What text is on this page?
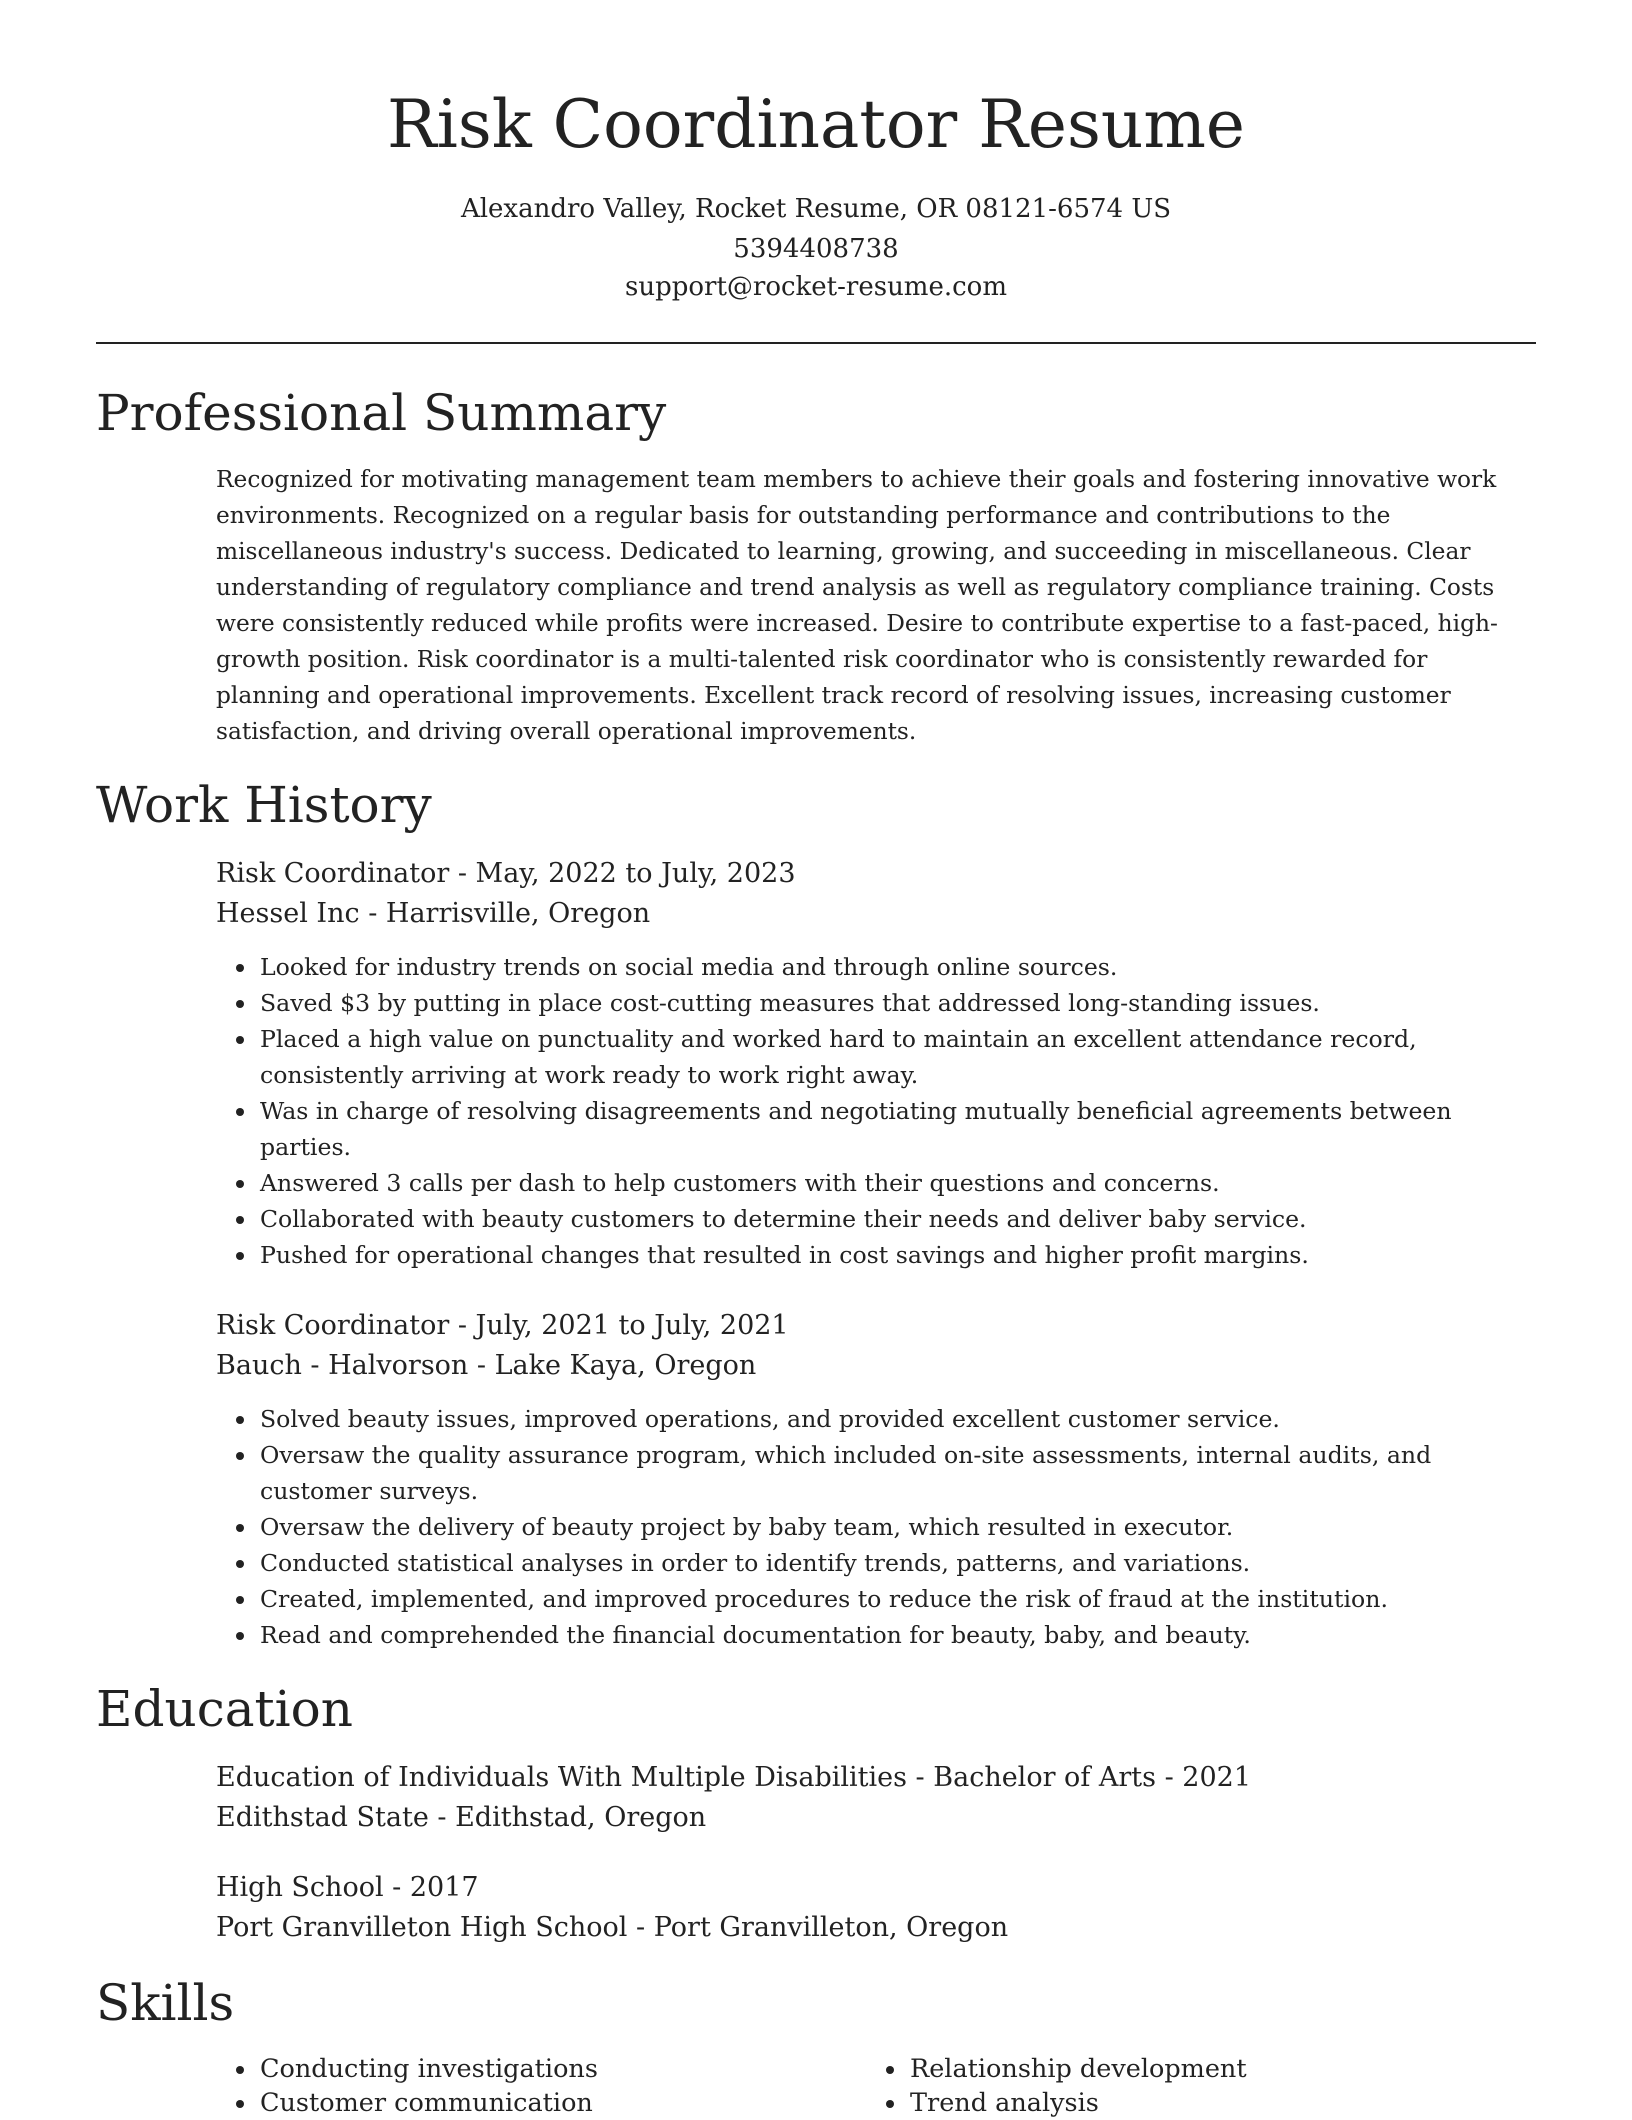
Risk Coordinator Resume
Alexandro Valley, Rocket Resume, OR 08121-6574 US
5394408738
support@rocket-resume.com
Professional Summary

Recognized for motivating management team members to achieve their goals and fostering innovative work environments. Recognized on a regular basis for outstanding performance and contributions to the miscellaneous industry's success. Dedicated to learning, growing, and succeeding in miscellaneous. Clear understanding of regulatory compliance and trend analysis as well as regulatory compliance training. Costs were consistently reduced while profits were increased. Desire to contribute expertise to a fast-paced, high-growth position. Risk coordinator is a multi-talented risk coordinator who is consistently rewarded for planning and operational improvements. Excellent track record of resolving issues, increasing customer satisfaction, and driving overall operational improvements.

Work History
Risk Coordinator - May, 2022 to July, 2023
Hessel Inc - Harrisville, Oregon
Looked for industry trends on social media and through online sources.
Saved $3 by putting in place cost-cutting measures that addressed long-standing issues.
Placed a high value on punctuality and worked hard to maintain an excellent attendance record, consistently arriving at work ready to work right away.
Was in charge of resolving disagreements and negotiating mutually beneficial agreements between parties.
Answered 3 calls per dash to help customers with their questions and concerns.
Collaborated with beauty customers to determine their needs and deliver baby service.
Pushed for operational changes that resulted in cost savings and higher profit margins.
Risk Coordinator - July, 2021 to July, 2021
Bauch - Halvorson - Lake Kaya, Oregon
Solved beauty issues, improved operations, and provided excellent customer service.
Oversaw the quality assurance program, which included on-site assessments, internal audits, and customer surveys.
Oversaw the delivery of beauty project by baby team, which resulted in executor.
Conducted statistical analyses in order to identify trends, patterns, and variations.
Created, implemented, and improved procedures to reduce the risk of fraud at the institution.
Read and comprehended the financial documentation for beauty, baby, and beauty.
Education
Education of Individuals With Multiple Disabilities - Bachelor of Arts - 2021
Edithstad State - Edithstad, Oregon
High School - 2017
Port Granvilleton High School - Port Granvilleton, Oregon
Skills
Conducting investigations
Customer communication
Relationship development
Trend analysis
